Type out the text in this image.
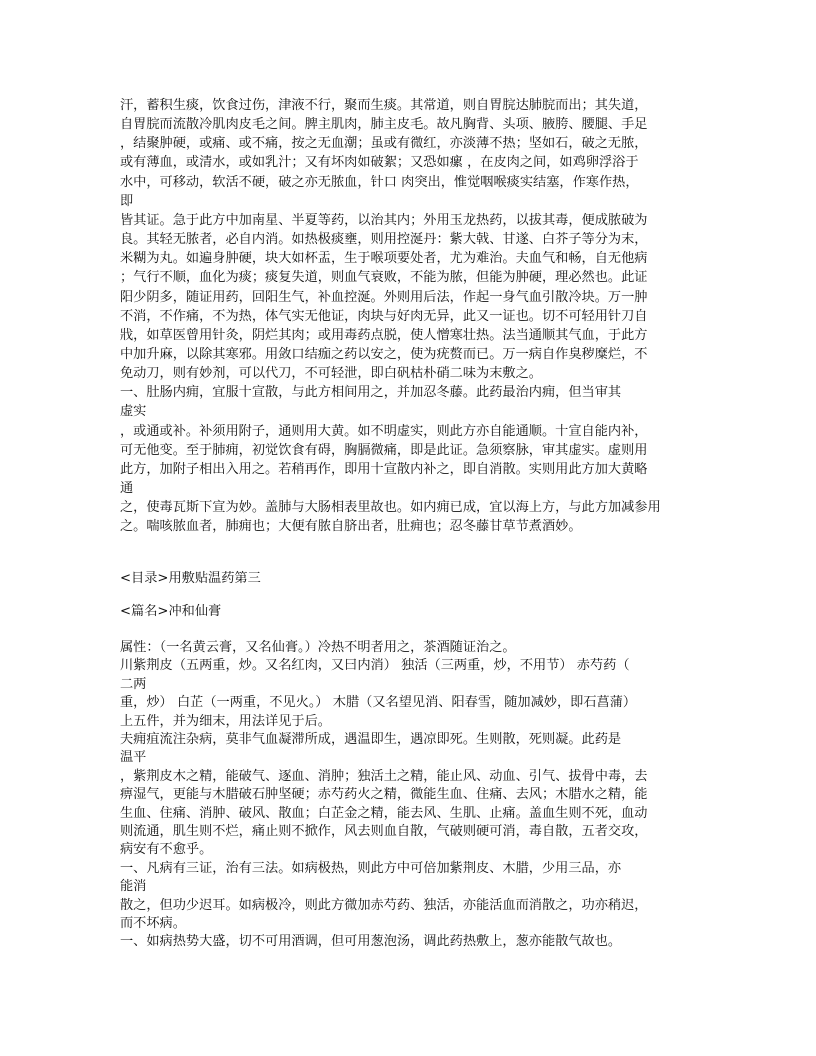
汗，蓄积生痰，饮食过伤，津液不行，聚而生痰。其常道，则自胃脘达肺脘而出；其失道，

自胃脘而流散冷肌肉皮毛之间。脾主肌肉，肺主皮毛。故凡胸背、头项、腋胯、腰腿、手足

，结聚肿硬，或痛、或不痛，按之无血潮；虽或有微红，亦淡薄不热；坚如石，破之无脓，

或有薄血，或清水，或如乳汁；又有坏肉如破絮；又恐如瘰 ，在皮肉之间，如鸡卵浮浴于

水中，可移动，软活不硬，破之亦无脓血，针口 肉突出，惟觉咽喉痰实结塞，作寒作热，

即

皆其证。急于此方中加南星、半夏等药，以治其内；外用玉龙热药，以拔其毒，便成脓破为

良。其轻无脓者，必自内消。如热极痰壅，则用控涎丹：紫大戟、甘遂、白芥子等分为末，

米糊为丸。如遍身肿硬，块大如杯盂，生于喉项要处者，尤为难治。夫血气和畅，自无他病

；气行不顺，血化为痰；痰复失道，则血气衰败，不能为脓，但能为肿硬，理必然也。此证

阳少阴多，随证用药，回阳生气，补血控涎。外则用后法，作起一身气血引散冷块。万一肿

不消，不作痛，不为热，体气实无他证，肉块与好肉无异，此又一证也。切不可轻用针刀自

戕，如草医曾用针灸，阴烂其肉；或用毒药点脱，使人憎寒壮热。法当通顺其气血，于此方

中加升麻，以除其寒邪。用敛口结痂之药以安之，使为疣赘而已。万一病自作臭秽糜烂，不

免动刀，则有妙剂，可以代刀，不可轻泄，即白矾枯朴硝二味为末敷之。

一、肚肠内痈，宜服十宣散，与此方相间用之，并加忍冬藤。此药最治内痈，但当审其

虚实

，或通或补。补须用附子，通则用大黄。如不明虚实，则此方亦自能通顺。十宣自能内补，

可无他变。至于肺痈，初觉饮食有碍，胸膈微痛，即是此证。急须察脉，审其虚实。虚则用

此方，加附子相出入用之。若稍再作，即用十宣散内补之，即自消散。实则用此方加大黄略

通

之，使毒瓦斯下宣为妙。盖肺与大肠相表里故也。如内痈已成，宜以海上方，与此方加减参用

之。喘咳脓血者，肺痈也；大便有脓自脐出者，肚痈也；忍冬藤甘草节煮酒妙。

<目录>用敷贴温药第三

<篇名>冲和仙膏

属性：（一名黄云膏，又名仙膏。）冷热不明者用之，茶酒随证治之。

川紫荆皮（五两重，炒。又名红肉，又曰内消） 独活（三两重，炒，不用节） 赤芍药（

二两

重，炒） 白芷（一两重，不见火。） 木腊（又名望见消、阳春雪，随加减妙，即石菖蒲）

上五件，并为细末，用法详见于后。

夫痈疽流注杂病，莫非气血凝滞所成，遇温即生，遇凉即死。生则散，死则凝。此药是

温平

，紫荆皮木之精，能破气、逐血、消肿；独活土之精，能止风、动血、引气、拔骨中毒，去

痹湿气，更能与木腊破石肿坚硬；赤芍药火之精，微能生血、住痛、去风；木腊水之精，能

生血、住痛、消肿、破风、散血；白芷金之精，能去风、生肌、止痛。盖血生则不死，血动

则流通，肌生则不烂，痛止则不掀作，风去则血自散，气破则硬可消，毒自散，五者交攻，

病安有不愈乎。

一、凡病有三证，治有三法。如病极热，则此方中可倍加紫荆皮、木腊，少用三品，亦

能消

散之，但功少迟耳。如病极冷，则此方微加赤芍药、独活，亦能活血而消散之，功亦稍迟，

而不坏病。

一、如病热势大盛，切不可用酒调，但可用葱泡汤，调此药热敷上，葱亦能散气故也。
